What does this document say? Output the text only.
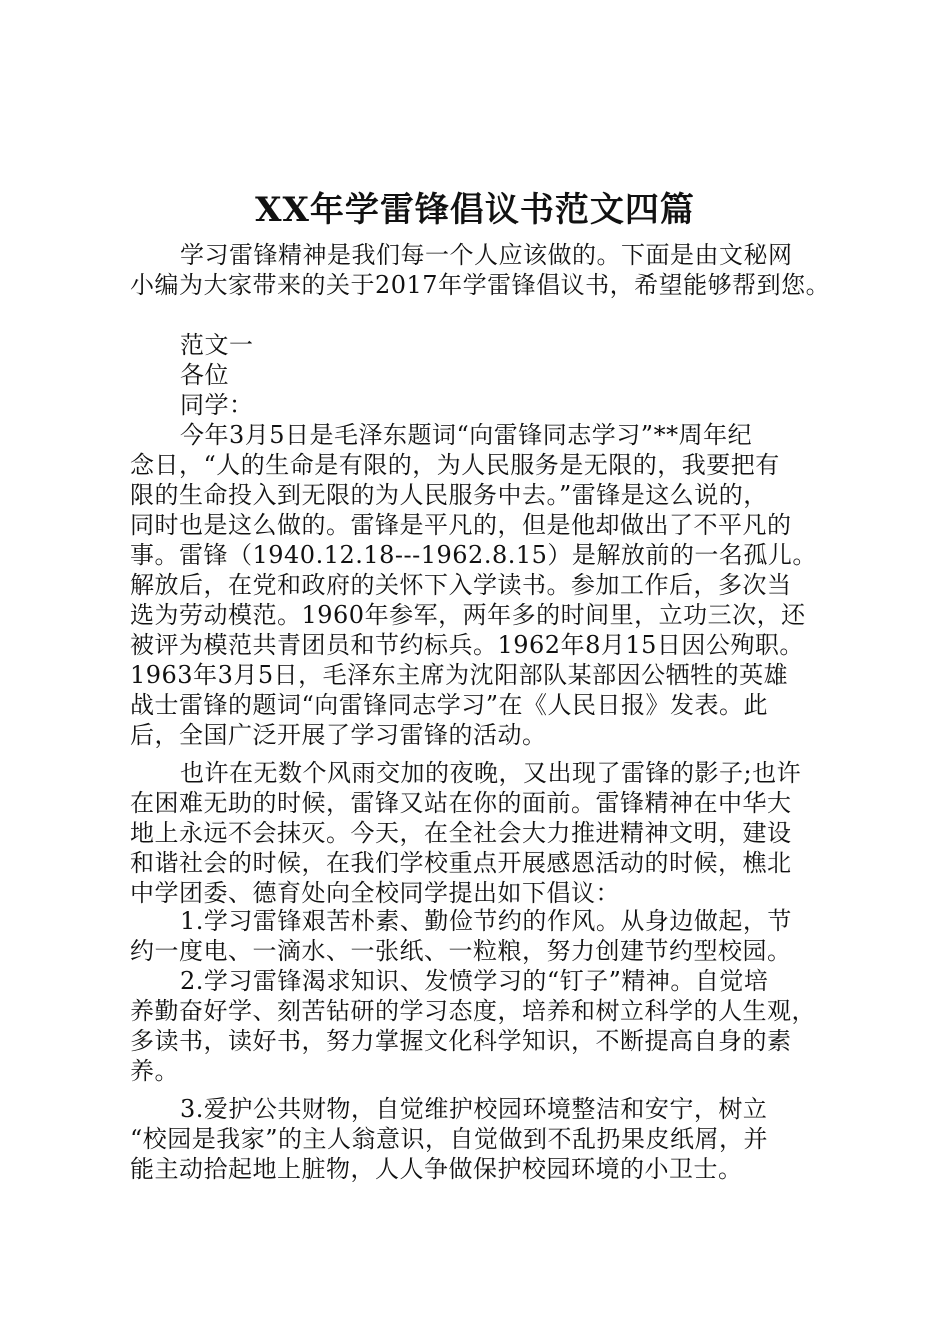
XX年学雷锋倡议书范文四篇
学习雷锋精神是我们每一个人应该做的。下面是由文秘网
小编为大家带来的关于2017年学雷锋倡议书，希望能够帮到您。
范文一
各位
同学：
今年3月5日是毛泽东题词“向雷锋同志学习”**周年纪
念日，“人的生命是有限的，为人民服务是无限的，我要把有
限的生命投入到无限的为人民服务中去。”雷锋是这么说的，
同时也是这么做的。雷锋是平凡的，但是他却做出了不平凡的
事。雷锋（1940.12.18---1962.8.15）是解放前的一名孤儿。
解放后，在党和政府的关怀下入学读书。参加工作后，多次当
选为劳动模范。1960年参军，两年多的时间里，立功三次，还
被评为模范共青团员和节约标兵。1962年8月15日因公殉职。
1963年3月5日，毛泽东主席为沈阳部队某部因公牺牲的英雄
战士雷锋的题词“向雷锋同志学习”在《人民日报》发表。此
后，全国广泛开展了学习雷锋的活动。
也许在无数个风雨交加的夜晚，又出现了雷锋的影子;也许
在困难无助的时候，雷锋又站在你的面前。雷锋精神在中华大
地上永远不会抹灭。今天，在全社会大力推进精神文明，建设
和谐社会的时候，在我们学校重点开展感恩活动的时候，樵北
中学团委、德育处向全校同学提出如下倡议：
1.学习雷锋艰苦朴素、勤俭节约的作风。从身边做起，节
约一度电、一滴水、一张纸、一粒粮，努力创建节约型校园。
2.学习雷锋渴求知识、发愤学习的“钉子”精神。自觉培
养勤奋好学、刻苦钻研的学习态度，培养和树立科学的人生观，
多读书，读好书，努力掌握文化科学知识，不断提高自身的素
养。
3.爱护公共财物，自觉维护校园环境整洁和安宁，树立
“校园是我家”的主人翁意识，自觉做到不乱扔果皮纸屑，并
能主动拾起地上脏物，人人争做保护校园环境的小卫士。
